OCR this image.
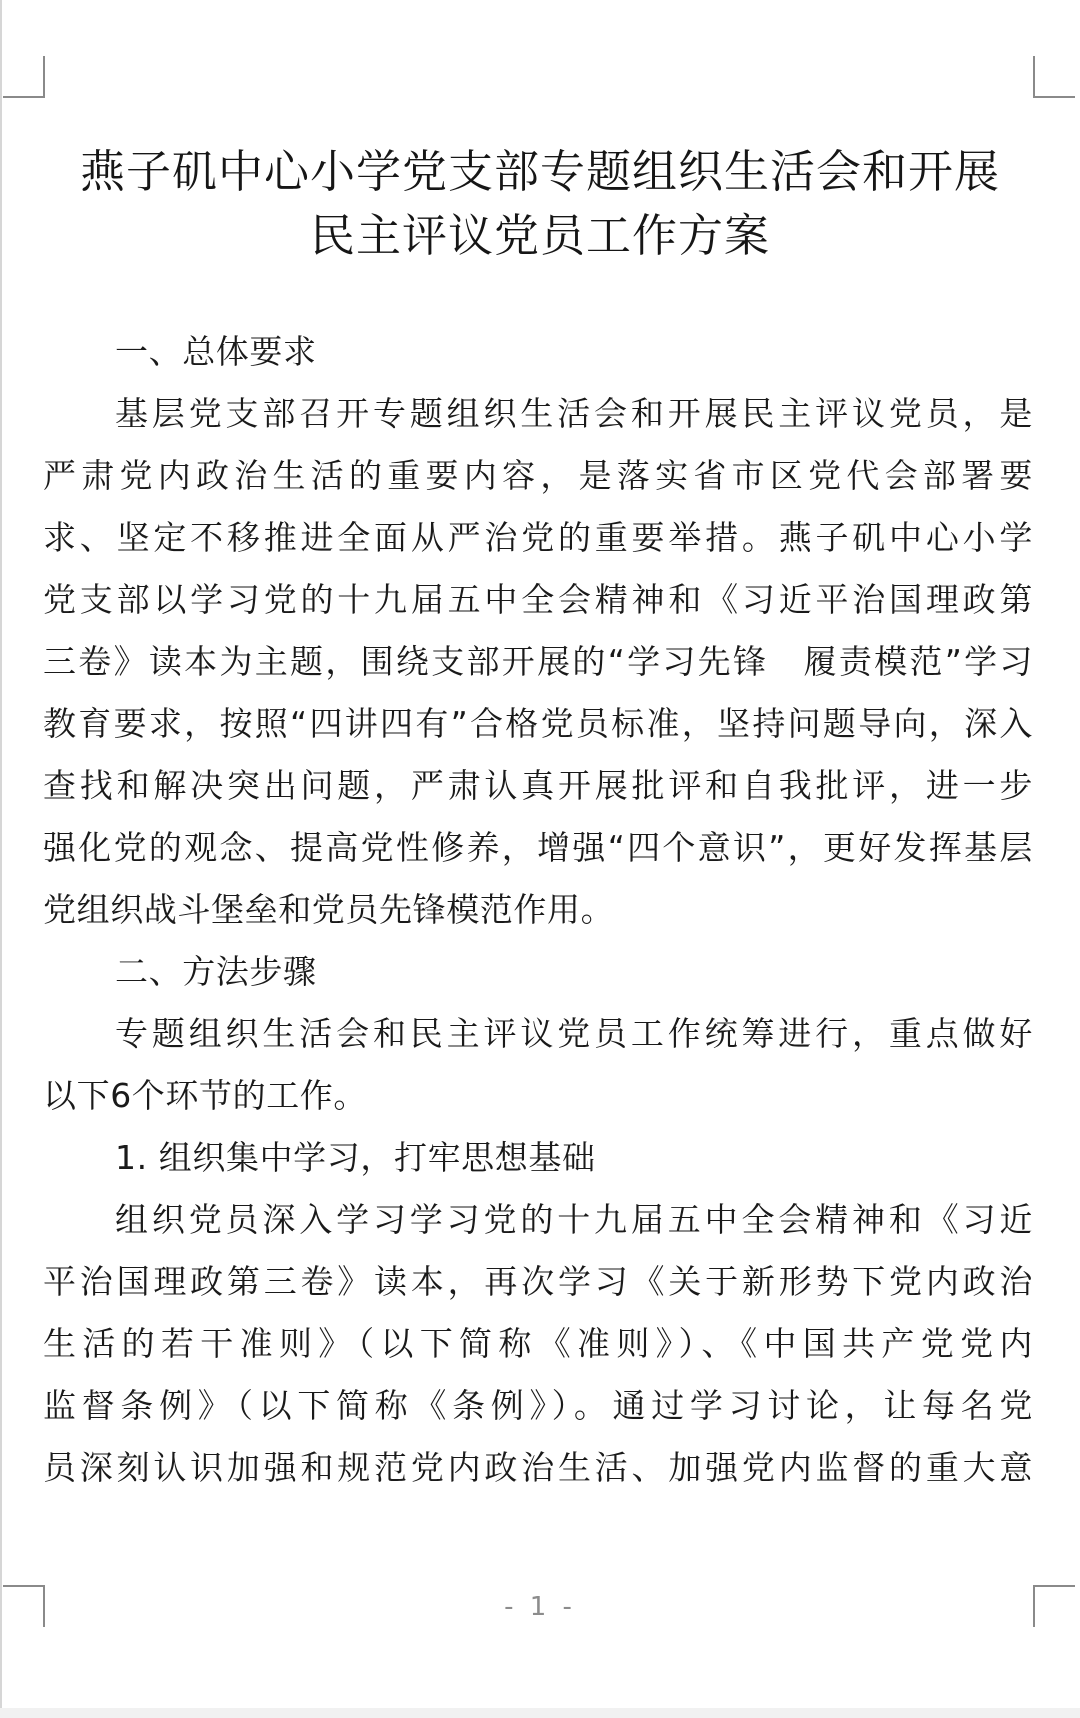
燕子矶中心小学党支部专题组织生活会和开展
民主评议党员工作方案
一、总体要求
基层党支部召开专题组织生活会和开展民主评议党员，是
严肃党内政治生活的重要内容，是落实省市区党代会部署要
求、坚定不移推进全面从严治党的重要举措。燕子矶中心小学
党支部以学习党的十九届五中全会精神和《习近平治国理政第
三卷》读本为主题，围绕支部开展的“学习先锋　履责模范”学习
教育要求，按照“四讲四有”合格党员标准，坚持问题导向，深入
查找和解决突出问题，严肃认真开展批评和自我批评，进一步
强化党的观念、提高党性修养，增强“四个意识”，更好发挥基层
党组织战斗堡垒和党员先锋模范作用。
二、方法步骤
专题组织生活会和民主评议党员工作统筹进行，重点做好
以下6个环节的工作。
1. 组织集中学习，打牢思想基础
组织党员深入学习学习党的十九届五中全会精神和《习近
平治国理政第三卷》读本，再次学习《关于新形势下党内政治
生活的若干准则》（以下简称《准则》）、《中国共产党党内
监督条例》（以下简称《条例》）。通过学习讨论，让每名党
员深刻认识加强和规范党内政治生活、加强党内监督的重大意
- 1 -
